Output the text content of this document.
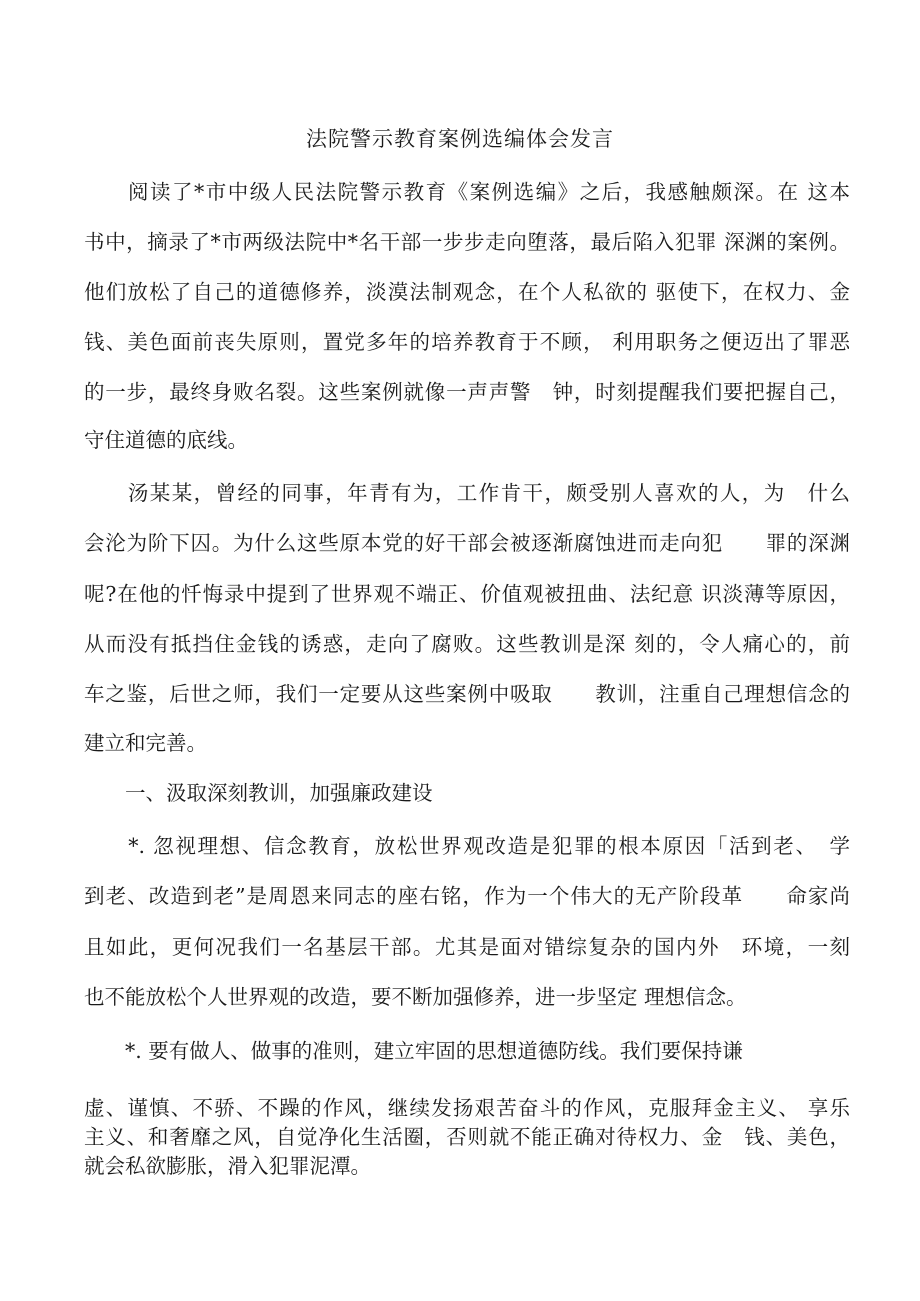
法院警示教育案例选编体会发言
　　阅读了*市中级人民法院警示教育《案例选编》之后，我感触颇深。在 这本
书中，摘录了*市两级法院中*名干部一步步走向堕落，最后陷入犯罪 深渊的案例。
他们放松了自己的道德修养，淡漠法制观念，在个人私欲的 驱使下，在权力、金
钱、美色面前丧失原则，置党多年的培养教育于不顾， 利用职务之便迈出了罪恶
的一步，最终身败名裂。这些案例就像一声声警　钟，时刻提醒我们要把握自己，
守住道德的底线。
　　汤某某，曾经的同事，年青有为，工作肯干，颇受别人喜欢的人，为　什么
会沦为阶下囚。为什么这些原本党的好干部会被逐渐腐蚀进而走向犯　　罪的深渊
呢?在他的忏悔录中提到了世界观不端正、价值观被扭曲、法纪意 识淡薄等原因，
从而没有抵挡住金钱的诱惑，走向了腐败。这些教训是深 刻的，令人痛心的，前
车之鉴，后世之师，我们一定要从这些案例中吸取　　教训，注重自己理想信念的
建立和完善。
　　一、汲取深刻教训，加强廉政建设
　　*. 忽视理想、信念教育，放松世界观改造是犯罪的根本原因「活到老、　学
到老、改造到老”是周恩来同志的座右铭，作为一个伟大的无产阶段革　　命家尚
且如此，更何况我们一名基层干部。尤其是面对错综复杂的国内外　环境，一刻
也不能放松个人世界观的改造，要不断加强修养，进一步坚定 理想信念。
　　*. 要有做人、做事的准则，建立牢固的思想道德防线。我们要保持谦
虚、谨慎、不骄、不躁的作风，继续发扬艰苦奋斗的作风，克服拜金主义、 享乐
主义、和奢靡之风，自觉净化生活圈，否则就不能正确对待权力、金　钱、美色，
就会私欲膨胀，滑入犯罪泥潭。
